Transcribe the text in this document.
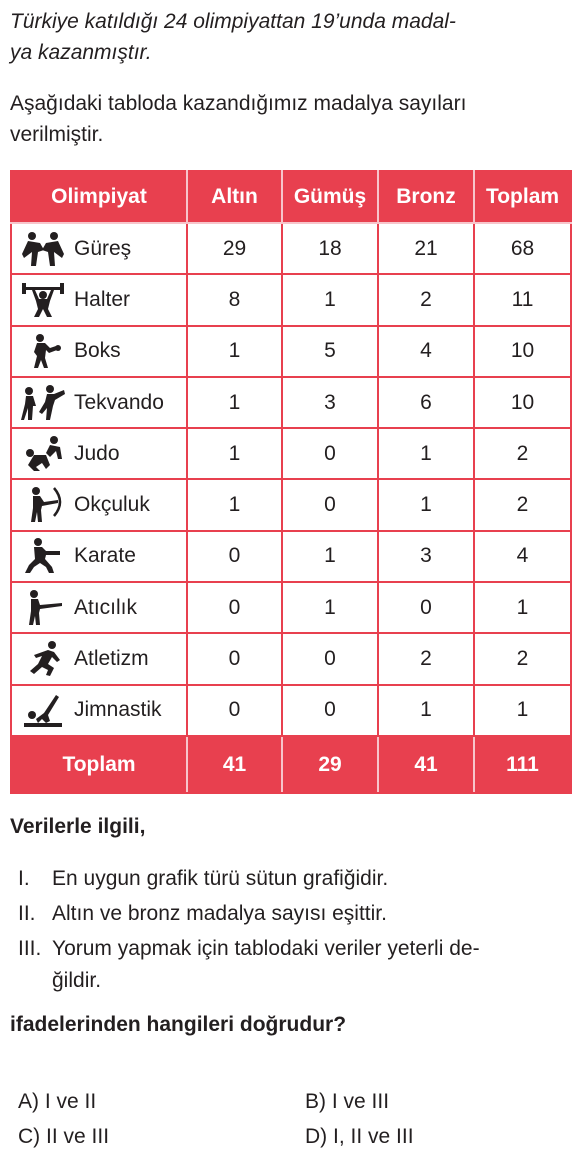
Türkiye katıldığı 24 olimpiyattan 19’unda madal-
ya kazanmıştır.
Aşağıdaki tabloda kazandığımız madalya sayıları
verilmiştir.
Olimpiyat	Altın	Gümüş	Bronz	Toplam

Güreş	29	18	21	68

Halter	8	1	2	11

Boks	1	5	4	10

Tekvando	1	3	6	10

Judo	1	0	1	2

Okçuluk	1	0	1	2

Karate	0	1	3	4

Atıcılık	0	1	0	1

Atletizm	0	0	2	2

Jimnastik	0	0	1	1
Toplam	41	29	41	111
Verilerle ilgili,
I. En uygun grafik türü sütun grafiğidir.
II. Altın ve bronz madalya sayısı eşittir.
III. Yorum yapmak için tablodaki veriler yeterli de-
ğildir.
ifadelerinden hangileri doğrudur?
A) I ve II	B) I ve III
C) II ve III	D) I, II ve III
